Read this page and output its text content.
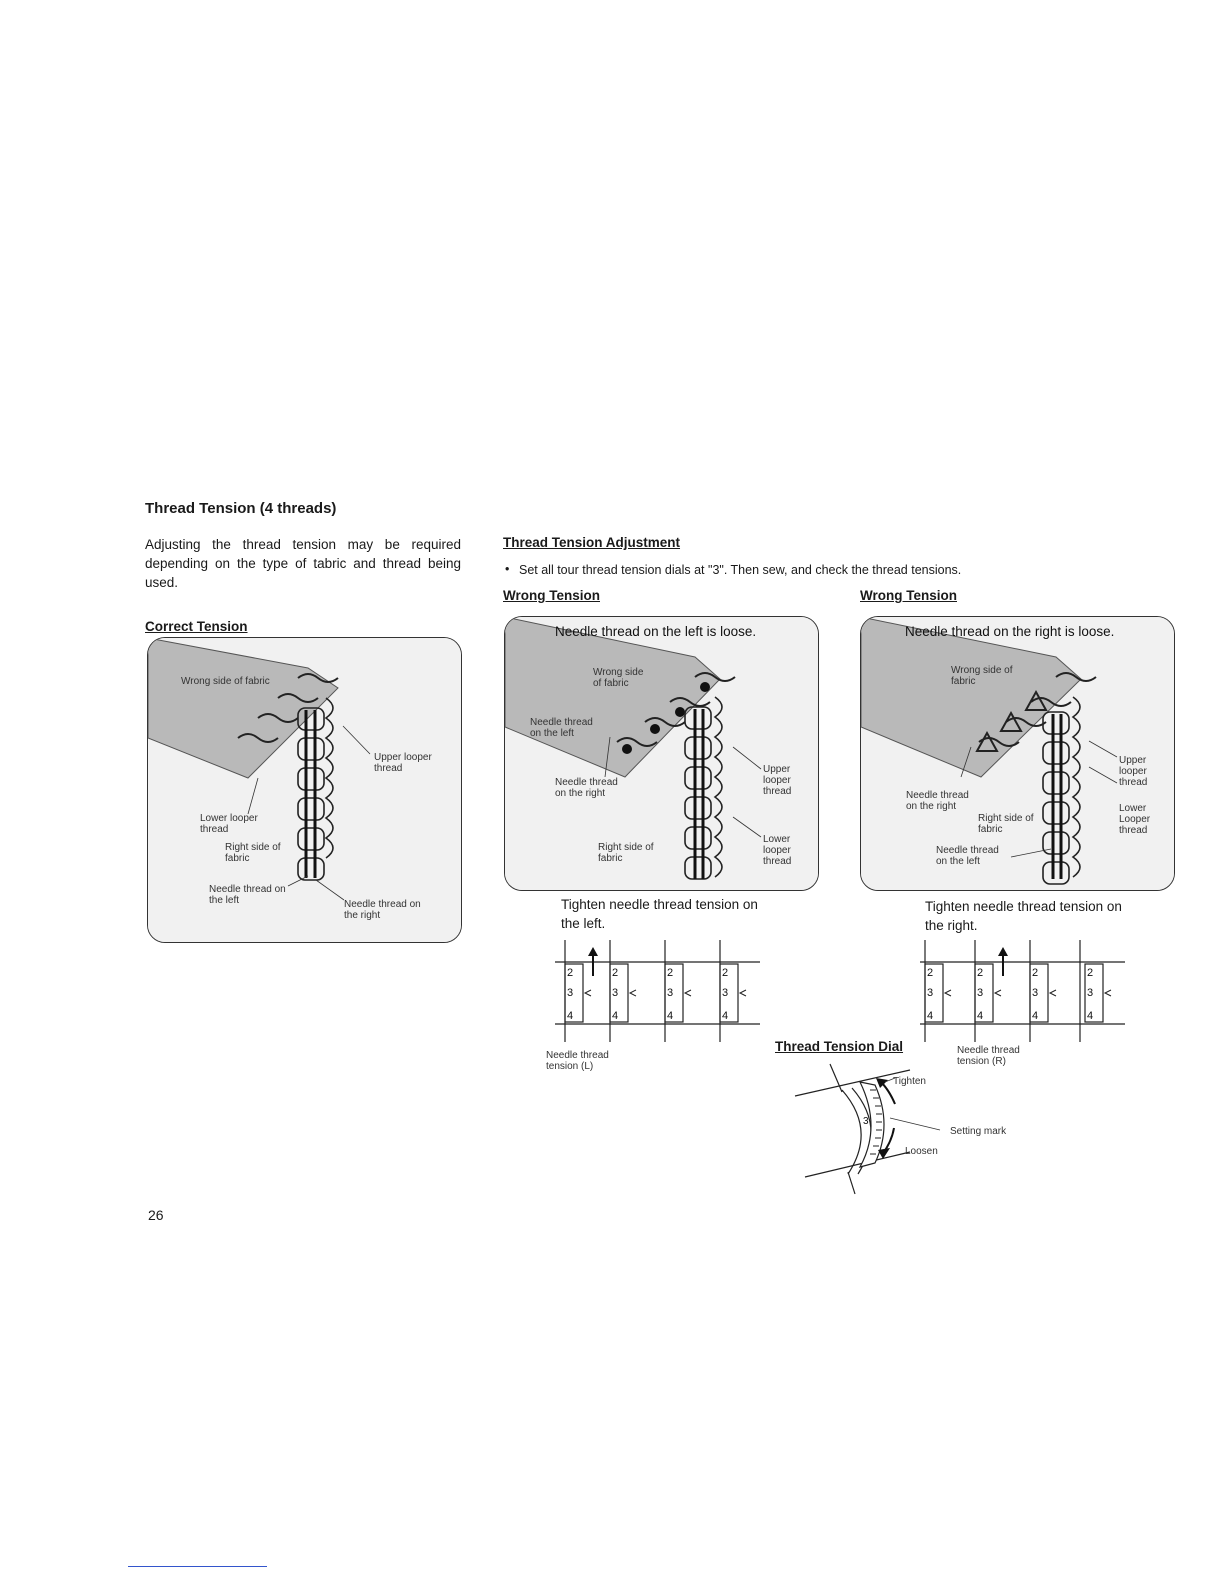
Thread Tension (4 threads)
Adjusting the thread tension may be required depending on the type of tabric and thread being used.
Correct Tension
Wrong side of fabric
Upper looper thread
Lower looper thread
Right side of fabric
Needle thread on the left	Needle thread on the right
Thread Tension Adjustment
• Set all tour thread tension dials at "3". Then sew, and check the thread tensions.
Wrong Tension	Wrong Tension
Needle thread on the left is loose.
Wrong side of fabric
Needle thread on the left
Upper looper thread
Needle thread on the right
Lower looper thread
Right side of fabric
Needle thread on the right is loose.
Wrong side of fabric
Upper looper thread
Needle thread on the right	Lower Looper thread
Right side of fabric
Needle thread on the left
Tighten needle thread tension on the left.
Tighten needle thread tension on the right.
2
3
4
2
3
4
2
3
4
2
3
4
Needle thread tension (L)
2
3
4
2
3
4
2
3
4
2
3
4
Needle thread tension (R)
Thread Tension Dial
3
Tighten
Setting mark
Loosen
26
